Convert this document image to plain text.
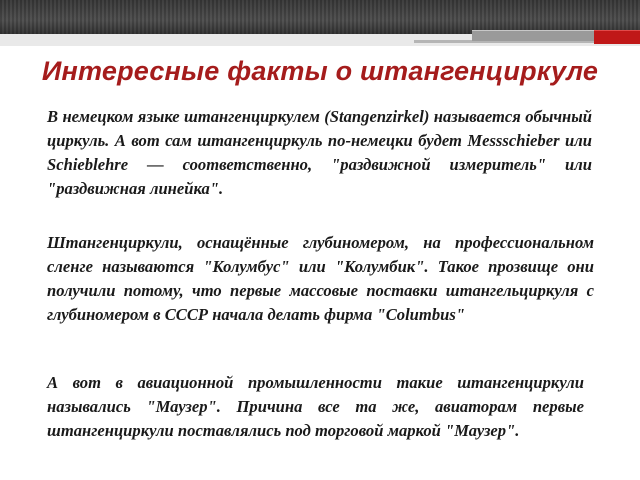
Интересные факты о штангенциркуле

В немецком языке штангенциркулем (Stangenzirkel) называется обычный циркуль. А вот сам штангенциркуль по-немецки будет Messschieber или Schieblehre — соответственно, "раздвижной измеритель" или "раздвижная линейка".

Штангенциркули, оснащённые глубиномером, на профессиональном сленге называются "Колумбус" или "Колумбик". Такое прозвище они получили потому, что первые массовые поставки штангельциркуля с глубиномером в СССР начала делать фирма "Columbus"

А вот в авиационной промышленности такие штангенциркули назывались "Маузер". Причина все та же, авиаторам первые штангенциркули поставлялись под торговой маркой "Маузер".
